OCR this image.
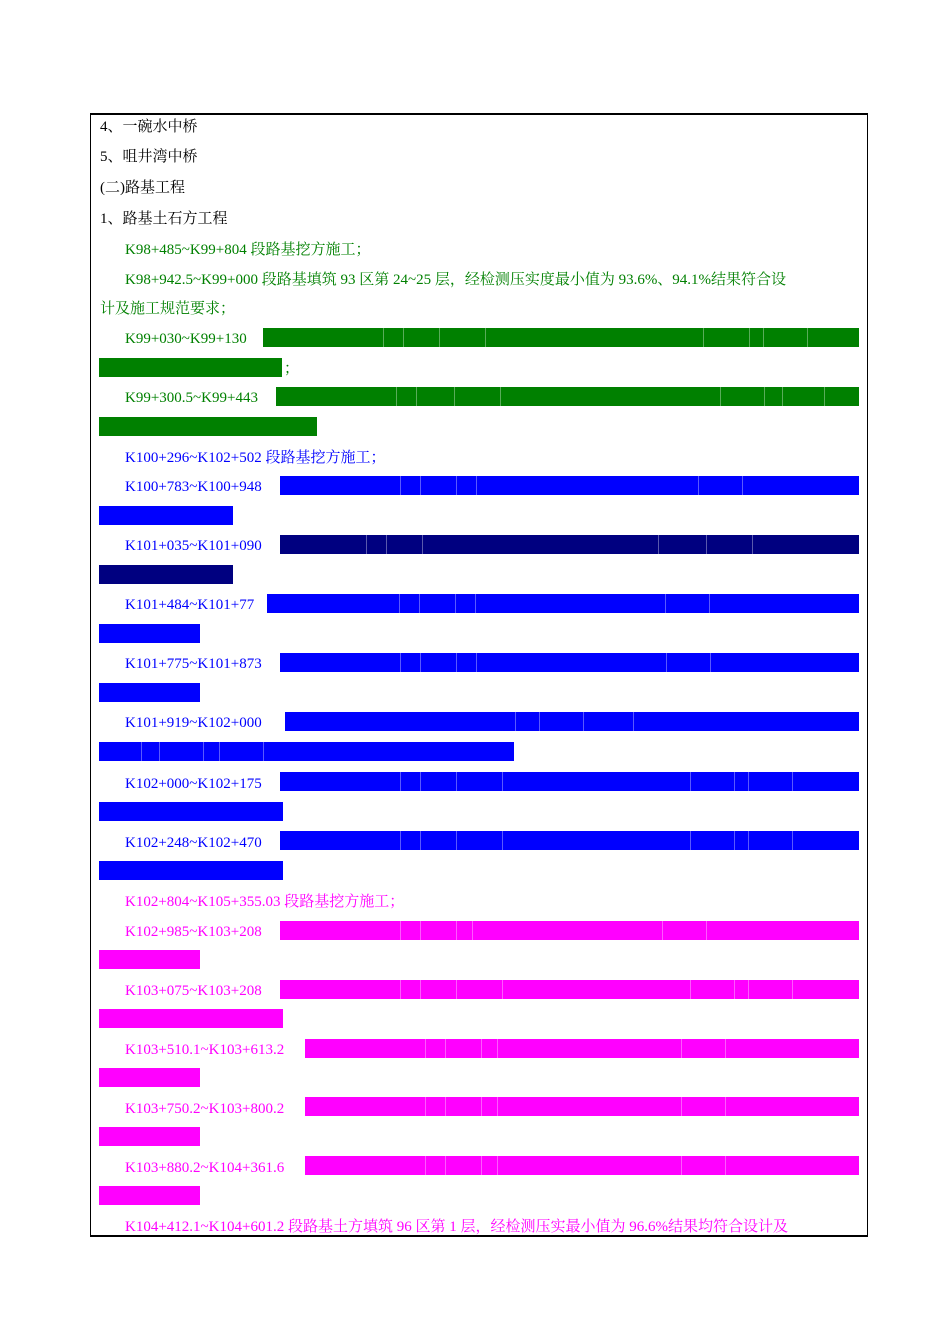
4、一碗水中桥
5、咀井湾中桥
(二)路基工程
1、路基土石方工程
K98+485~K99+804 段路基挖方施工；
K98+942.5~K99+000 段路基填筑 93 区第 24~25 层，经检测压实度最小值为 93.6%、94.1%结果符合设
计及施工规范要求；
K99+030~K99+130
；
K99+300.5~K99+443
K100+296~K102+502 段路基挖方施工；
K100+783~K100+948
K101+035~K101+090
K101+484~K101+77
K101+775~K101+873
K101+919~K102+000
K102+000~K102+175
K102+248~K102+470
K102+804~K105+355.03 段路基挖方施工；
K102+985~K103+208
K103+075~K103+208
K103+510.1~K103+613.2
K103+750.2~K103+800.2
K103+880.2~K104+361.6
K104+412.1~K104+601.2 段路基土方填筑 96 区第 1 层，经检测压实最小值为 96.6%结果均符合设计及
